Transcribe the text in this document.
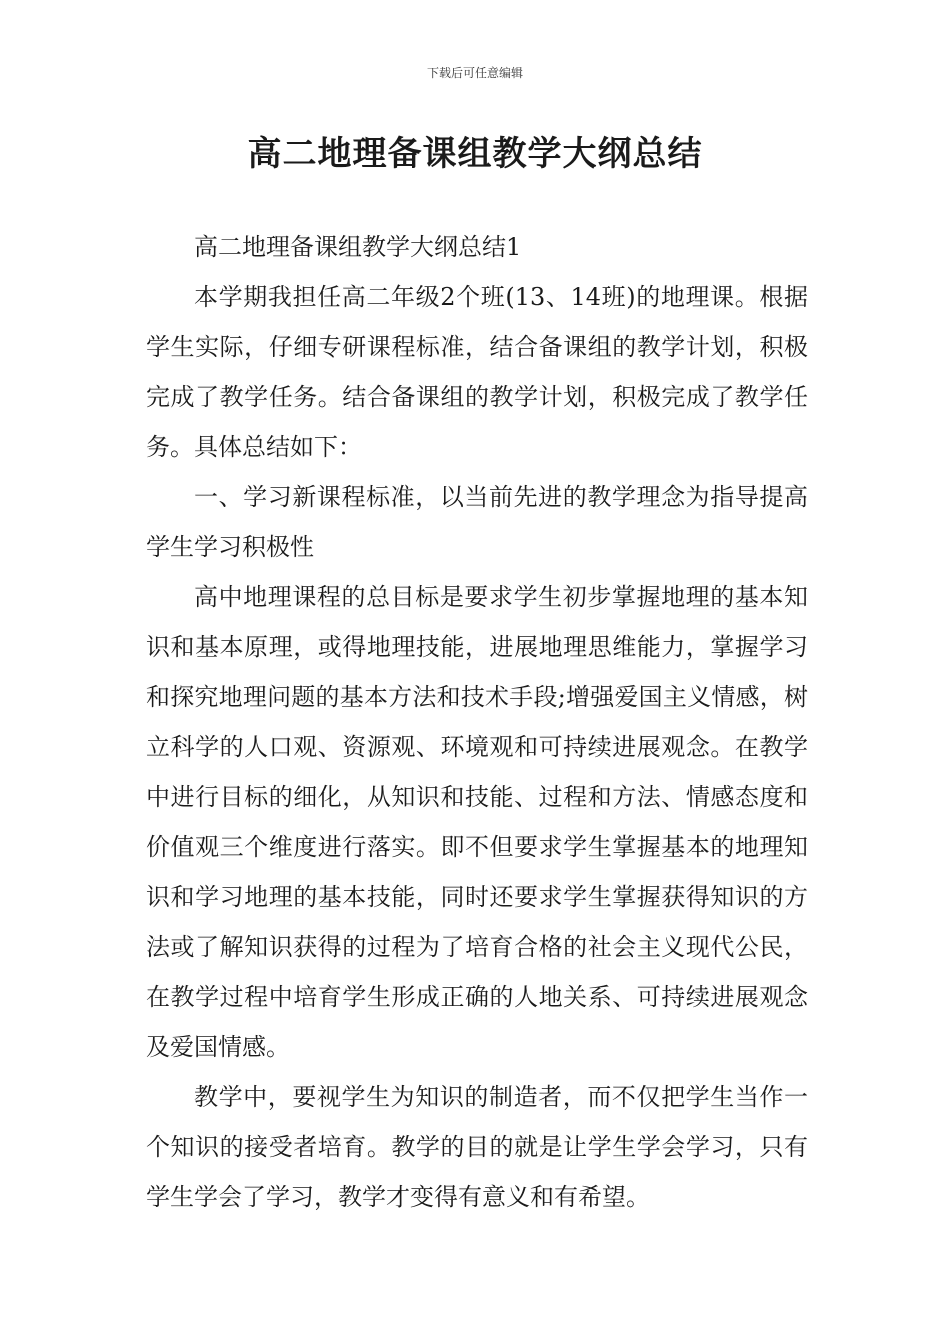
下载后可任意编辑
高二地理备课组教学大纲总结

高二地理备课组教学大纲总结1

本学期我担任高二年级2个班(13、14班)的地理课。根据学生实际，仔细专研课程标准，结合备课组的教学计划，积极完成了教学任务。结合备课组的教学计划，积极完成了教学任务。具体总结如下：

一、学习新课程标准，以当前先进的教学理念为指导提高学生学习积极性

高中地理课程的总目标是要求学生初步掌握地理的基本知识和基本原理，或得地理技能，进展地理思维能力，掌握学习和探究地理问题的基本方法和技术手段;增强爱国主义情感，树立科学的人口观、资源观、环境观和可持续进展观念。在教学中进行目标的细化，从知识和技能、过程和方法、情感态度和价值观三个维度进行落实。即不但要求学生掌握基本的地理知识和学习地理的基本技能，同时还要求学生掌握获得知识的方法或了解知识获得的过程为了培育合格的社会主义现代公民，在教学过程中培育学生形成正确的人地关系、可持续进展观念及爱国情感。

教学中，要视学生为知识的制造者，而不仅把学生当作一个知识的接受者培育。教学的目的就是让学生学会学习，只有学生学会了学习，教学才变得有意义和有希望。
